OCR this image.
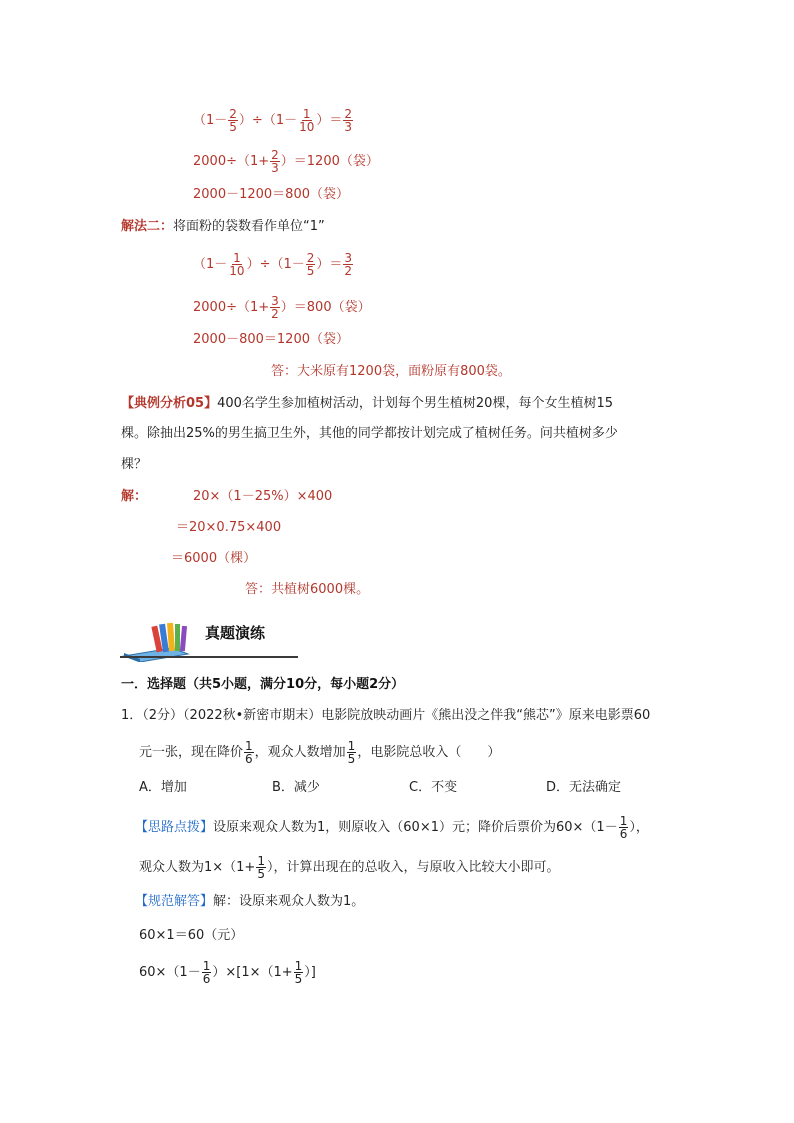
$(1- \frac{2}{5} )\div(1- \frac{1}{10}$ ）＝ $\frac{2}{3}$
$2000\div(1+ \frac{2}{3} )=1200$（袋）
2000－1200＝800（袋）
解法二：将面粉的袋数看作单位“1”
$(1- \frac{1}{10} )\div(1- \frac{2}{5}$ ）＝ $\frac{3}{2}$
$2000\div(1+ \frac{3}{2} )=800$（袋）
2000－800＝1200（袋）
答：大米原有1200袋，面粉原有800袋。
【典例分析05】400名学生参加植树活动，计划每个男生植树20棵，每个女生植树15
棵。除抽出25%的男生搞卫生外，其他的同学都按计划完成了植树任务。问共植树多少
棵？
解：	20×（1－25%）×400
＝20×0.75×400
＝6000（棵）
答：共植树6000棵。
真题演练
一．选择题（共5小题，满分10分，每小题2分）
1．（2分）（2022秋•新密市期末）电影院放映动画片《熊出没之伴我“熊芯”》原来电影票60
元一张，现在降价 $\frac{1}{6}$ ，观众人数增加 $\frac{1}{5}$ ，电影院总收入（　　）
A．增加	B．减少	C．不变	D．无法确定
【思路点拨】设原来观众人数为1，则原收入（60×1）元；降价后票价为$60\times(1- \frac{1}{6}$ ），
观众人数为$1\times(1+ \frac{1}{5}$ ），计算出现在的总收入，与原收入比较大小即可。
【规范解答】解：设原来观众人数为1。
60×1＝60（元）
$60\times(1- \frac{1}{6} )\times[1\times(1+ \frac{1}{5}$ ）]
